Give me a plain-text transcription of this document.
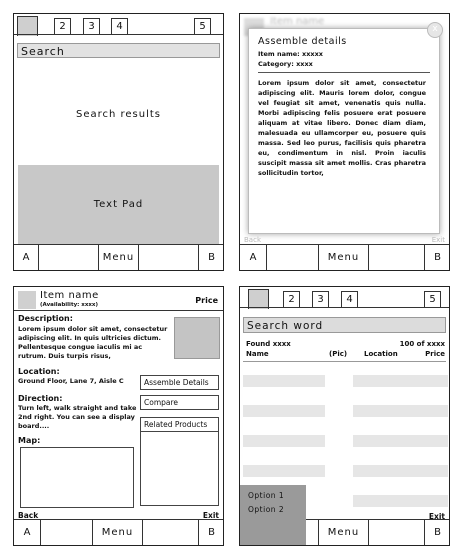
2	3	4	5
Search
Search results
Text Pad
A	Menu	B
Item name
Assemble details
Item name: xxxxx
Category: xxxx
Lorem ipsum dolor sit amet, consectetur adipiscing elit. Mauris lorem dolor, congue vel feugiat sit amet, venenatis quis nulla. Morbi adipiscing felis posuere erat posuere aliquam at vitae libero. Donec diam diam, malesuada eu ullamcorper eu, posuere quis massa. Sed leo purus, facilisis quis pharetra eu, condimentum in nisl. Proin iaculis suscipit massa sit amet mollis. Cras pharetra sollicitudin tortor,
x
Back	Exit
A	Menu	B
Item name
(Availability: xxxx)	Price
Description:
Lorem ipsum dolor sit amet, consectetur adipiscing elit. In quis ultricies dictum. Pellentesque congue iaculis mi ac rutrum. Duis turpis risus,
Location:
Ground Floor, Lane 7, Aisle C
Direction:
Turn left, walk straight and take 2nd right. You can see a display board....
Map:
Assemble Details
Compare
Related Products
Back	Exit
A	Menu	B
2	3	4	5
Search word
Found xxxx	100 of xxxx
Name	(Pic) Location	Price
Option 1
Option 2
Exit
Menu	B
